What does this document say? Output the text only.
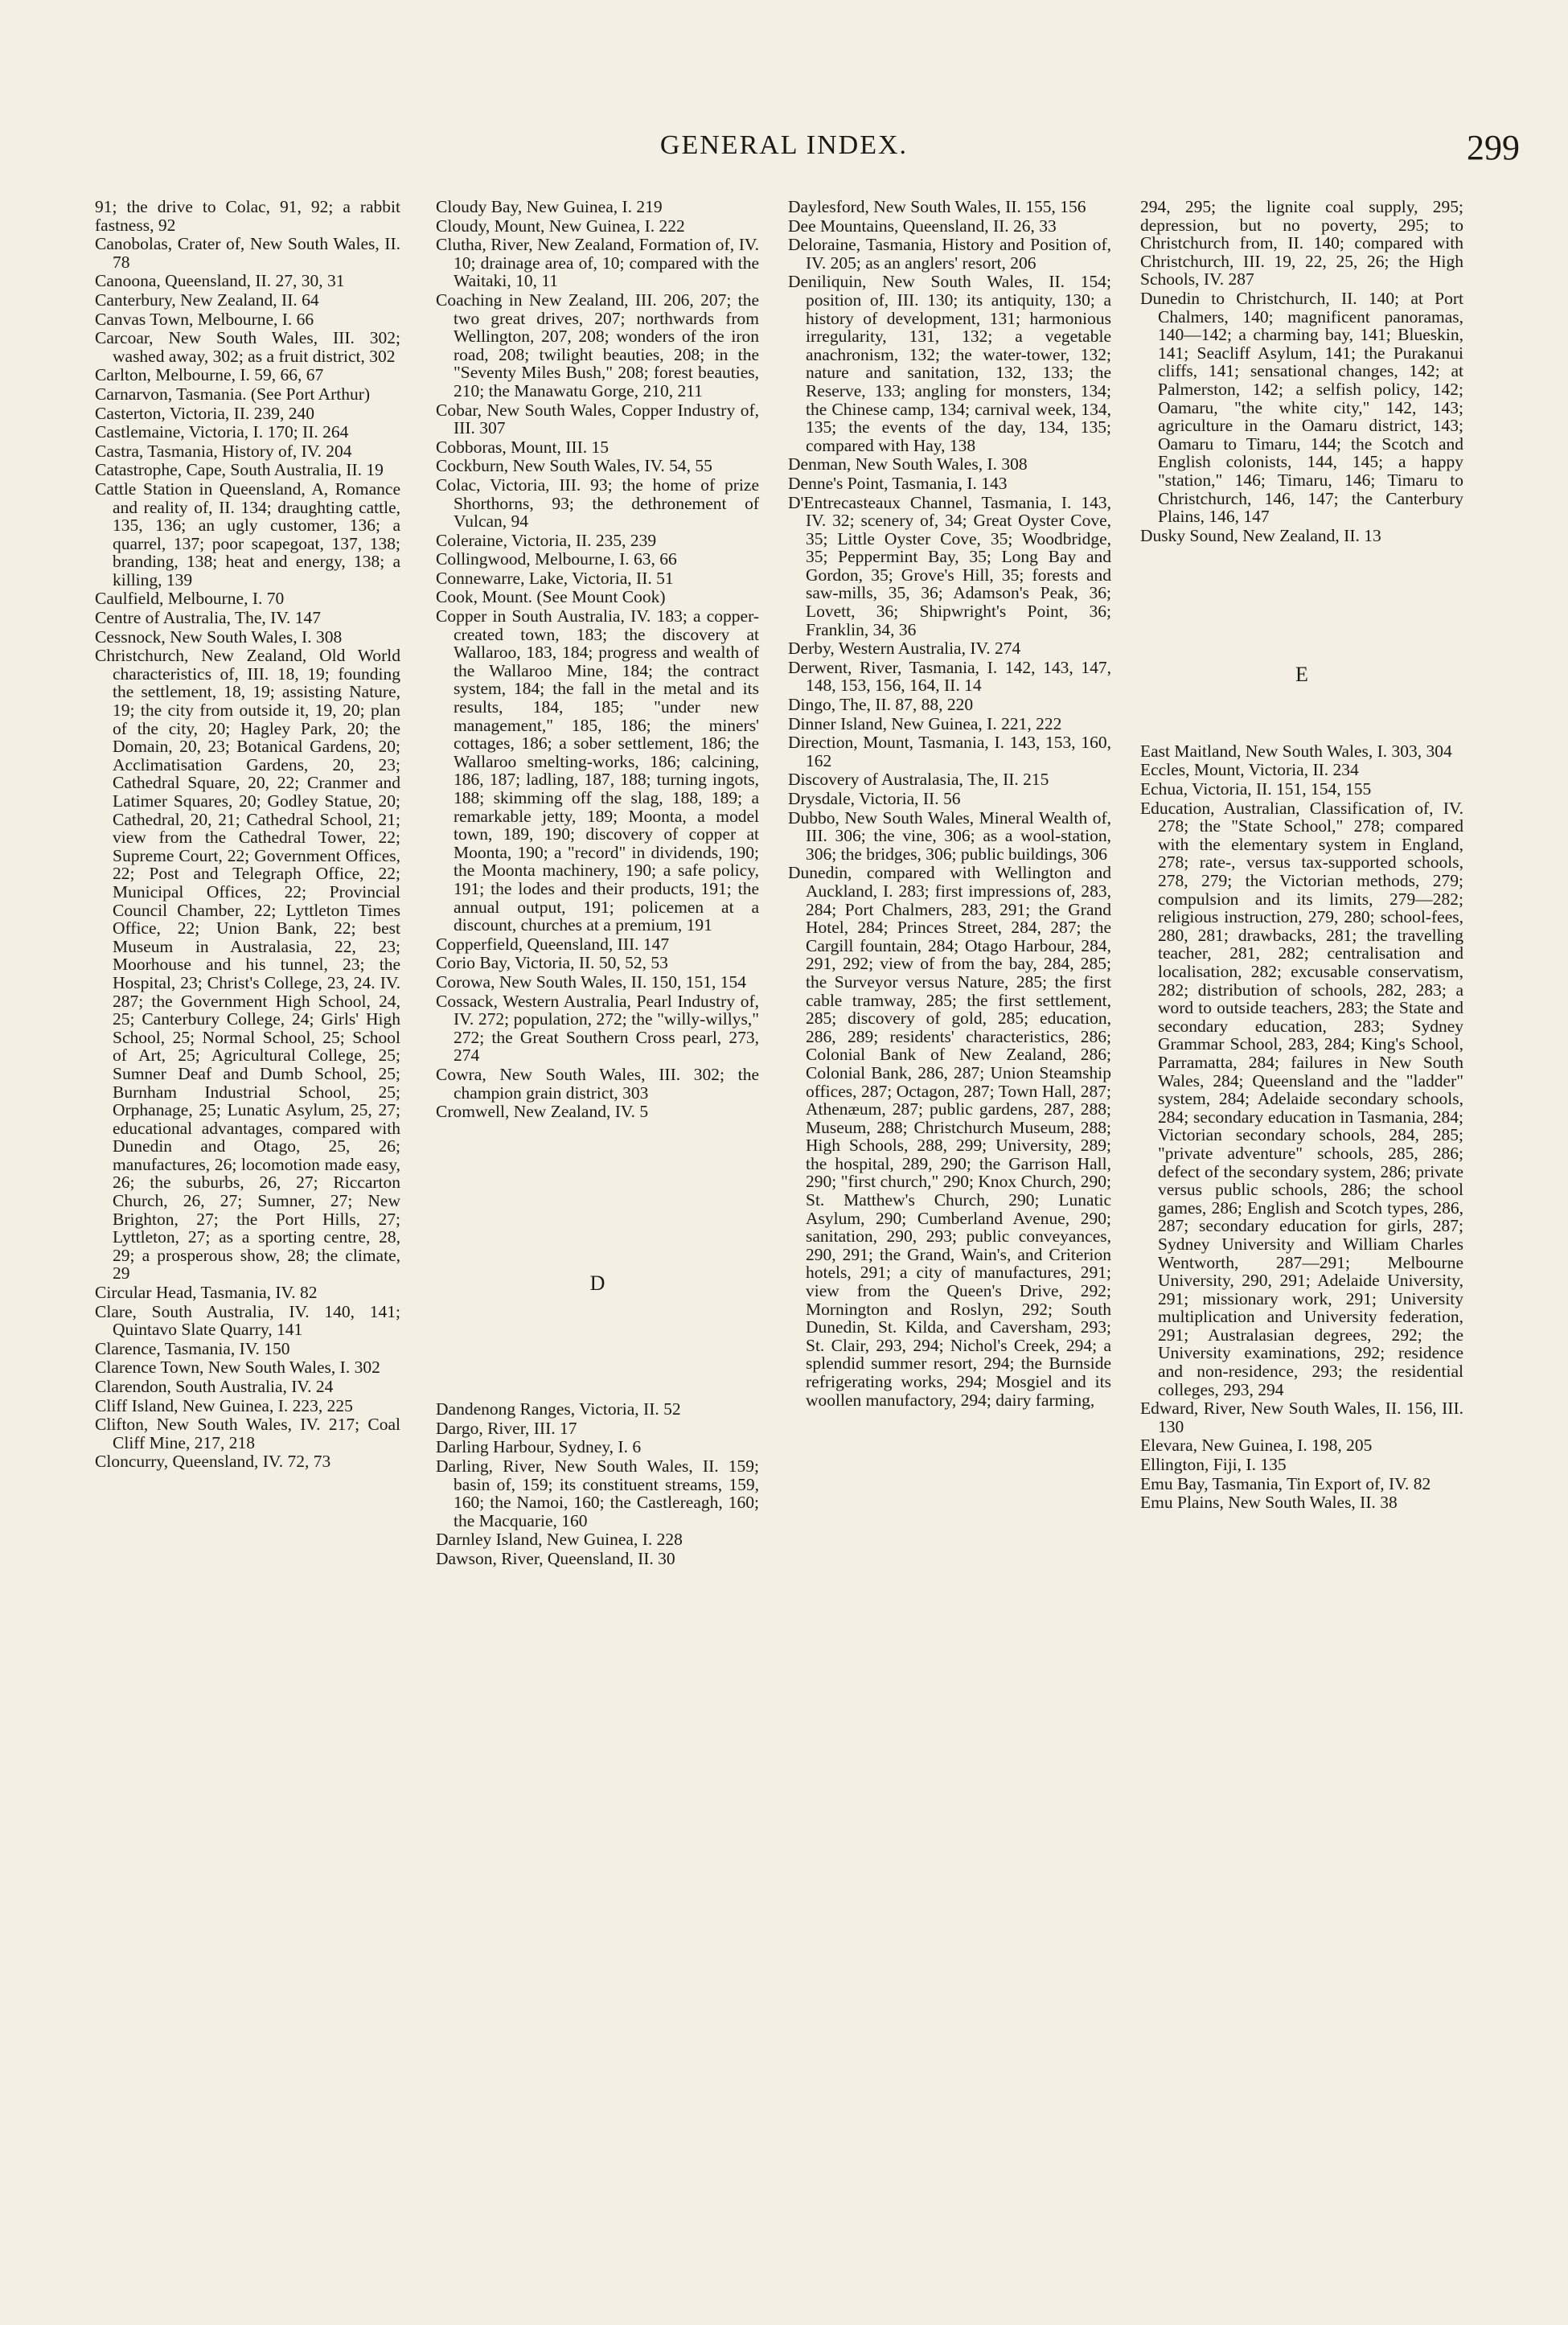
GENERAL INDEX.	299
91; the drive to Colac, 91, 92; a rabbit fastness, 92
Canobolas, Crater of, New South Wales, II. 78
Canoona, Queensland, II. 27, 30, 31
Canterbury, New Zealand, II. 64
Canvas Town, Melbourne, I. 66
Carcoar, New South Wales, III. 302; washed away, 302; as a fruit district, 302
Carlton, Melbourne, I. 59, 66, 67
Carnarvon, Tasmania. (See Port Arthur)
Casterton, Victoria, II. 239, 240
Castlemaine, Victoria, I. 170; II. 264
Castra, Tasmania, History of, IV. 204
Catastrophe, Cape, South Australia, II. 19
Cattle Station in Queensland, A, Romance and reality of, II. 134; draughting cattle, 135, 136; an ugly customer, 136; a quarrel, 137; poor scapegoat, 137, 138; branding, 138; heat and energy, 138; a killing, 139
Caulfield, Melbourne, I. 70
Centre of Australia, The, IV. 147
Cessnock, New South Wales, I. 308
Christchurch, New Zealand, Old World characteristics of, III. 18, 19; founding the settlement, 18, 19; assisting Nature, 19; the city from outside it, 19, 20; plan of the city, 20; Hagley Park, 20; the Domain, 20, 23; Botanical Gardens, 20; Acclimatisation Gardens, 20, 23; Cathedral Square, 20, 22; Cranmer and Latimer Squares, 20; Godley Statue, 20; Cathedral, 20, 21; Cathedral School, 21; view from the Cathedral Tower, 22; Supreme Court, 22; Government Offices, 22; Post and Telegraph Office, 22; Municipal Offices, 22; Provincial Council Chamber, 22; Lyttleton Times Office, 22; Union Bank, 22; best Museum in Australasia, 22, 23; Moorhouse and his tunnel, 23; the Hospital, 23; Christ's College, 23, 24. IV. 287; the Government High School, 24, 25; Canterbury College, 24; Girls' High School, 25; Normal School, 25; School of Art, 25; Agricultural College, 25; Sumner Deaf and Dumb School, 25; Burnham Industrial School, 25; Orphanage, 25; Lunatic Asylum, 25, 27; educational advantages, compared with Dunedin and Otago, 25, 26; manufactures, 26; locomotion made easy, 26; the suburbs, 26, 27; Riccarton Church, 26, 27; Sumner, 27; New Brighton, 27; the Port Hills, 27; Lyttleton, 27; as a sporting centre, 28, 29; a prosperous show, 28; the climate, 29
Circular Head, Tasmania, IV. 82
Clare, South Australia, IV. 140, 141; Quintavo Slate Quarry, 141
Clarence, Tasmania, IV. 150
Clarence Town, New South Wales, I. 302
Clarendon, South Australia, IV. 24
Cliff Island, New Guinea, I. 223, 225
Clifton, New South Wales, IV. 217; Coal Cliff Mine, 217, 218
Cloncurry, Queensland, IV. 72, 73
Cloudy Bay, New Guinea, I. 219
Cloudy, Mount, New Guinea, I. 222
Clutha, River, New Zealand, Formation of, IV. 10; drainage area of, 10; compared with the Waitaki, 10, 11
Coaching in New Zealand, III. 206, 207; the two great drives, 207; northwards from Wellington, 207, 208; wonders of the iron road, 208; twilight beauties, 208; in the "Seventy Miles Bush," 208; forest beauties, 210; the Manawatu Gorge, 210, 211
Cobar, New South Wales, Copper Industry of, III. 307
Cobboras, Mount, III. 15
Cockburn, New South Wales, IV. 54, 55
Colac, Victoria, III. 93; the home of prize Shorthorns, 93; the dethronement of Vulcan, 94
Coleraine, Victoria, II. 235, 239
Collingwood, Melbourne, I. 63, 66
Connewarre, Lake, Victoria, II. 51
Cook, Mount. (See Mount Cook)
Copper in South Australia, IV. 183; a copper-created town, 183; the discovery at Wallaroo, 183, 184; progress and wealth of the Wallaroo Mine, 184; the contract system, 184; the fall in the metal and its results, 184, 185; "under new management," 185, 186; the miners' cottages, 186; a sober settlement, 186; the Wallaroo smelting-works, 186; calcining, 186, 187; ladling, 187, 188; turning ingots, 188; skimming off the slag, 188, 189; a remarkable jetty, 189; Moonta, a model town, 189, 190; discovery of copper at Moonta, 190; a "record" in dividends, 190; the Moonta machinery, 190; a safe policy, 191; the lodes and their products, 191; the annual output, 191; policemen at a discount, churches at a premium, 191
Copperfield, Queensland, III. 147
Corio Bay, Victoria, II. 50, 52, 53
Corowa, New South Wales, II. 150, 151, 154
Cossack, Western Australia, Pearl Industry of, IV. 272; population, 272; the "willy-willys," 272; the Great Southern Cross pearl, 273, 274
Cowra, New South Wales, III. 302; the champion grain district, 303
Cromwell, New Zealand, IV. 5
D
Dandenong Ranges, Victoria, II. 52
Dargo, River, III. 17
Darling Harbour, Sydney, I. 6
Darling, River, New South Wales, II. 159; basin of, 159; its constituent streams, 159, 160; the Namoi, 160; the Castlereagh, 160; the Macquarie, 160
Darnley Island, New Guinea, I. 228
Dawson, River, Queensland, II. 30
Daylesford, New South Wales, II. 155, 156
Dee Mountains, Queensland, II. 26, 33
Deloraine, Tasmania, History and Position of, IV. 205; as an anglers' resort, 206
Deniliquin, New South Wales, II. 154; position of, III. 130; its antiquity, 130; a history of development, 131; harmonious irregularity, 131, 132; a vegetable anachronism, 132; the water-tower, 132; nature and sanitation, 132, 133; the Reserve, 133; angling for monsters, 134; the Chinese camp, 134; carnival week, 134, 135; the events of the day, 134, 135; compared with Hay, 138
Denman, New South Wales, I. 308
Denne's Point, Tasmania, I. 143
D'Entrecasteaux Channel, Tasmania, I. 143, IV. 32; scenery of, 34; Great Oyster Cove, 35; Little Oyster Cove, 35; Woodbridge, 35; Peppermint Bay, 35; Long Bay and Gordon, 35; Grove's Hill, 35; forests and saw-mills, 35, 36; Adamson's Peak, 36; Lovett, 36; Shipwright's Point, 36; Franklin, 34, 36
Derby, Western Australia, IV. 274
Derwent, River, Tasmania, I. 142, 143, 147, 148, 153, 156, 164, II. 14
Dingo, The, II. 87, 88, 220
Dinner Island, New Guinea, I. 221, 222
Direction, Mount, Tasmania, I. 143, 153, 160, 162
Discovery of Australasia, The, II. 215
Drysdale, Victoria, II. 56
Dubbo, New South Wales, Mineral Wealth of, III. 306; the vine, 306; as a wool-station, 306; the bridges, 306; public buildings, 306
Dunedin, compared with Wellington and Auckland, I. 283; first impressions of, 283, 284; Port Chalmers, 283, 291; the Grand Hotel, 284; Princes Street, 284, 287; the Cargill fountain, 284; Otago Harbour, 284, 291, 292; view of from the bay, 284, 285; the Surveyor versus Nature, 285; the first cable tramway, 285; the first settlement, 285; discovery of gold, 285; education, 286, 289; residents' characteristics, 286; Colonial Bank of New Zealand, 286; Colonial Bank, 286, 287; Union Steamship offices, 287; Octagon, 287; Town Hall, 287; Athenæum, 287; public gardens, 287, 288; Museum, 288; Christchurch Museum, 288; High Schools, 288, 299; University, 289; the hospital, 289, 290; the Garrison Hall, 290; "first church," 290; Knox Church, 290; St. Matthew's Church, 290; Lunatic Asylum, 290; Cumberland Avenue, 290; sanitation, 290, 293; public conveyances, 290, 291; the Grand, Wain's, and Criterion hotels, 291; a city of manufactures, 291; view from the Queen's Drive, 292; Mornington and Roslyn, 292; South Dunedin, St. Kilda, and Caversham, 293; St. Clair, 293, 294; Nichol's Creek, 294; a splendid summer resort, 294; the Burnside refrigerating works, 294; Mosgiel and its woollen manufactory, 294; dairy farming,
294, 295; the lignite coal supply, 295; depression, but no poverty, 295; to Christchurch from, II. 140; compared with Christchurch, III. 19, 22, 25, 26; the High Schools, IV. 287
Dunedin to Christchurch, II. 140; at Port Chalmers, 140; magnificent panoramas, 140—142; a charming bay, 141; Blueskin, 141; Seacliff Asylum, 141; the Purakanui cliffs, 141; sensational changes, 142; at Palmerston, 142; a selfish policy, 142; Oamaru, "the white city," 142, 143; agriculture in the Oamaru district, 143; Oamaru to Timaru, 144; the Scotch and English colonists, 144, 145; a happy "station," 146; Timaru, 146; Timaru to Christchurch, 146, 147; the Canterbury Plains, 146, 147
Dusky Sound, New Zealand, II. 13
E
East Maitland, New South Wales, I. 303, 304
Eccles, Mount, Victoria, II. 234
Echua, Victoria, II. 151, 154, 155
Education, Australian, Classification of, IV. 278; the "State School," 278; compared with the elementary system in England, 278; rate-, versus tax-supported schools, 278, 279; the Victorian methods, 279; compulsion and its limits, 279—282; religious instruction, 279, 280; school-fees, 280, 281; drawbacks, 281; the travelling teacher, 281, 282; centralisation and localisation, 282; excusable conservatism, 282; distribution of schools, 282, 283; a word to outside teachers, 283; the State and secondary education, 283; Sydney Grammar School, 283, 284; King's School, Parramatta, 284; failures in New South Wales, 284; Queensland and the "ladder" system, 284; Adelaide secondary schools, 284; secondary education in Tasmania, 284; Victorian secondary schools, 284, 285; "private adventure" schools, 285, 286; defect of the secondary system, 286; private versus public schools, 286; the school games, 286; English and Scotch types, 286, 287; secondary education for girls, 287; Sydney University and William Charles Wentworth, 287—291; Melbourne University, 290, 291; Adelaide University, 291; missionary work, 291; University multiplication and University federation, 291; Australasian degrees, 292; the University examinations, 292; residence and non-residence, 293; the residential colleges, 293, 294
Edward, River, New South Wales, II. 156, III. 130
Elevara, New Guinea, I. 198, 205
Ellington, Fiji, I. 135
Emu Bay, Tasmania, Tin Export of, IV. 82
Emu Plains, New South Wales, II. 38
